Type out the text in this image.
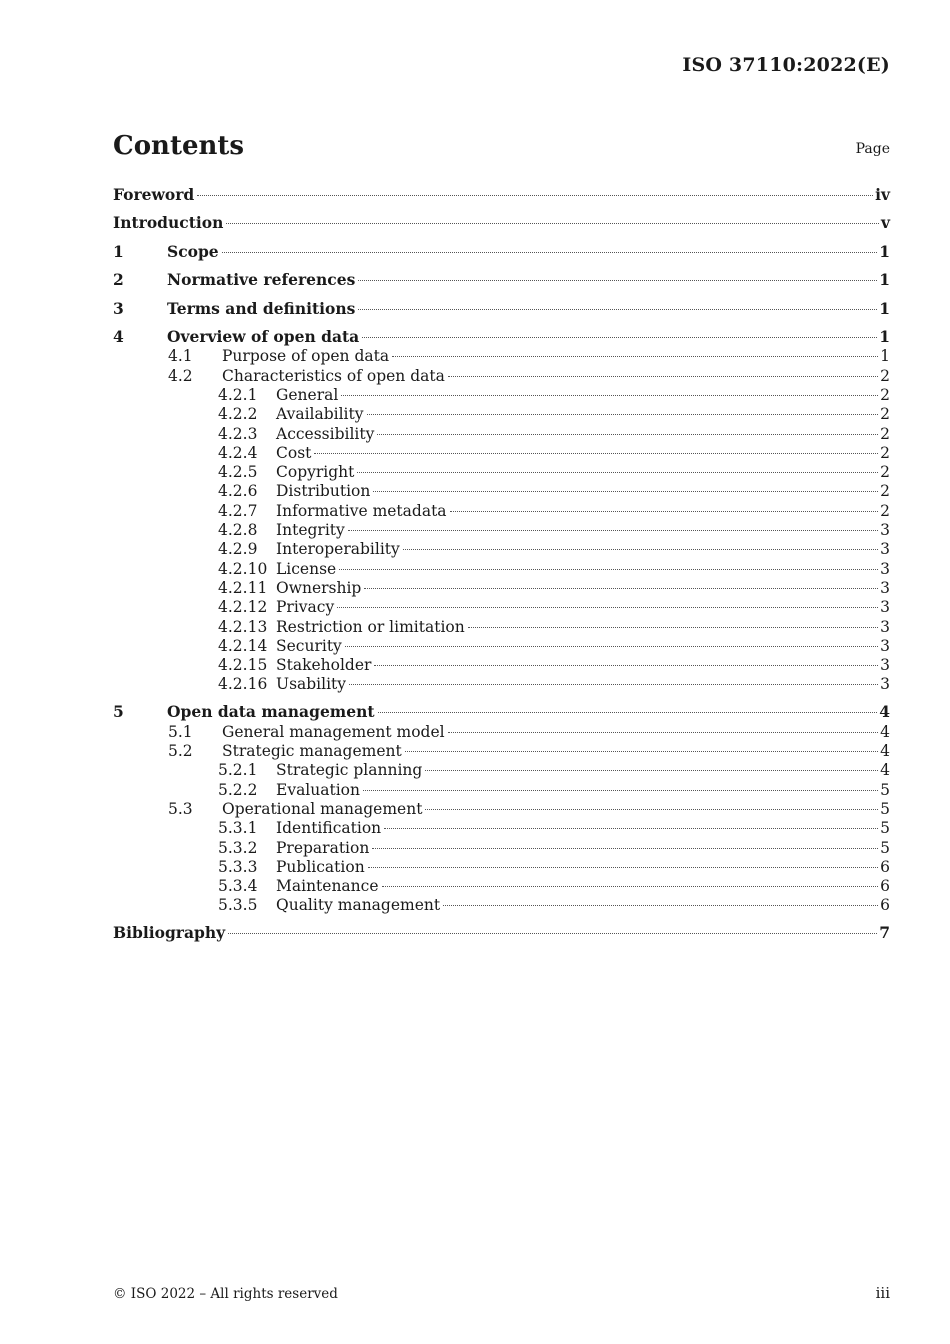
ISO 37110:2022(E)
Contents	Page
Foreword	iv
Introduction	v
1	Scope	1
2	Normative references	1
3	Terms and definitions	1
4	Overview of open data	1
4.1 Purpose of open data	1
4.2 Characteristics of open data	2
4.2.1 General	2
4.2.2 Availability	2
4.2.3 Accessibility	2
4.2.4 Cost	2
4.2.5 Copyright	2
4.2.6 Distribution	2
4.2.7 Informative metadata	2
4.2.8 Integrity	3
4.2.9 Interoperability	3
4.2.10 License	3
4.2.11 Ownership	3
4.2.12 Privacy	3
4.2.13 Restriction or limitation	3
4.2.14 Security	3
4.2.15 Stakeholder	3
4.2.16 Usability	3
5	Open data management	4
5.1 General management model	4
5.2 Strategic management	4
5.2.1 Strategic planning	4
5.2.2 Evaluation	5
5.3 Operational management	5
5.3.1 Identification	5
5.3.2 Preparation	5
5.3.3 Publication	6
5.3.4 Maintenance	6
5.3.5 Quality management	6
Bibliography	7
© ISO 2022 – All rights reserved	iii
